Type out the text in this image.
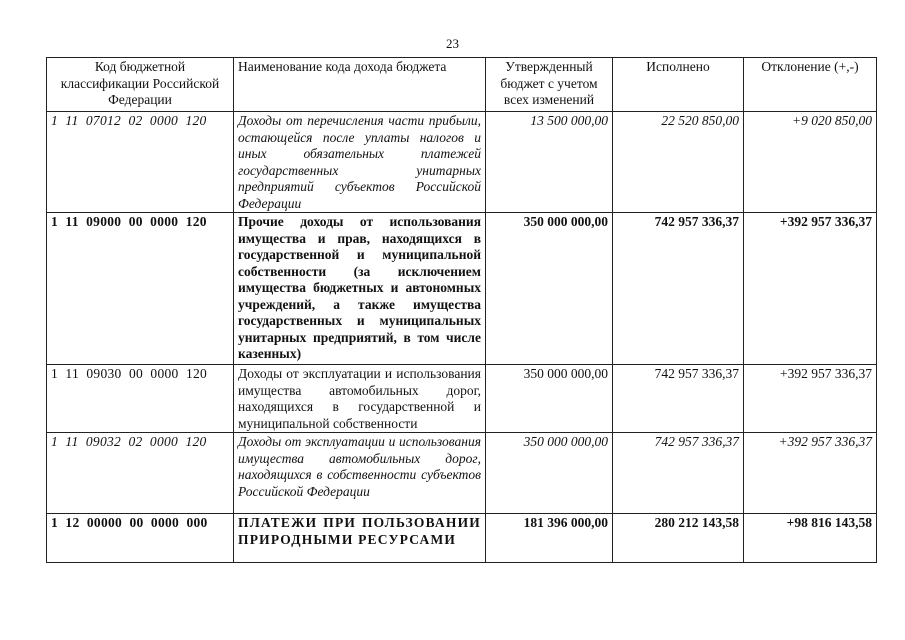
23
Код бюджетной классификации Российской Федерации	Наименование кода дохода бюджета	Утвержденный бюджет с учетом всех изменений	Исполнено	Отклонение (+,-)
1  11  07012  02  0000  120	Доходы от перечисления части прибыли, остающейся после уплаты налогов и иных обязательных платежей государственных унитарных предприятий субъектов Российской Федерации	13 500 000,00	22 520 850,00	+9 020 850,00
1  11  09000  00  0000  120	Прочие доходы от использования имущества и прав, находящихся в государственной и муниципальной собственности (за исключением имущества бюджетных и автономных учреждений, а также имущества государственных и муниципальных унитарных предприятий, в том числе казенных)	350 000 000,00	742 957 336,37	+392 957 336,37
1  11  09030  00  0000  120	Доходы от эксплуатации и использования имущества автомобильных дорог, находящихся в государственной и муниципальной собственности	350 000 000,00	742 957 336,37	+392 957 336,37
1  11  09032  02  0000  120	Доходы от эксплуатации и использования имущества автомобильных дорог, находящихся в собственности субъектов Российской Федерации	350 000 000,00	742 957 336,37	+392 957 336,37
1  12  00000  00  0000  000	ПЛАТЕЖИ ПРИ ПОЛЬЗОВАНИИ ПРИРОДНЫМИ РЕСУРСАМИ	181 396 000,00	280 212 143,58	+98 816 143,58
